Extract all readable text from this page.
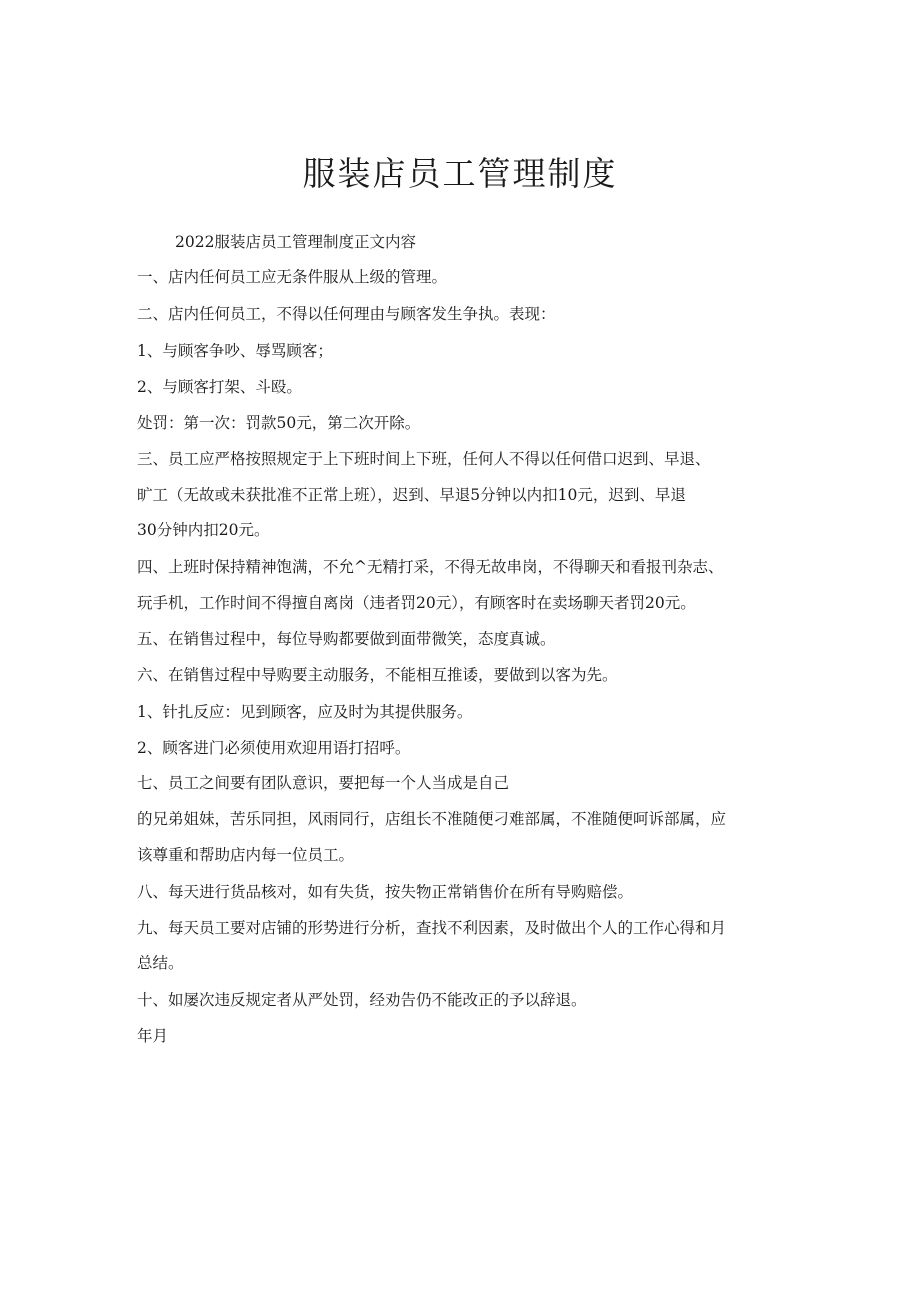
服装店员工管理制度

2022服装店员工管理制度正文内容

一、店内任何员工应无条件服从上级的管理。

二、店内任何员工，不得以任何理由与顾客发生争执。表现：

1、与顾客争吵、辱骂顾客；

2、与顾客打架、斗殴。

处罚：第一次：罚款50元，第二次开除。

三、员工应严格按照规定于上下班时间上下班，任何人不得以任何借口迟到、早退、

旷工（无故或未获批准不正常上班），迟到、早退5分钟以内扣10元，迟到、早退

30分钟内扣20元。

四、上班时保持精神饱满，不允^无精打采，不得无故串岗，不得聊天和看报刊杂志、

玩手机，工作时间不得擅自离岗（违者罚20元），有顾客时在卖场聊天者罚20元。

五、在销售过程中，每位导购都要做到面带微笑，态度真诚。

六、在销售过程中导购要主动服务，不能相互推诿，要做到以客为先。

1、针扎反应：见到顾客，应及时为其提供服务。

2、顾客进门必须使用欢迎用语打招呼。

七、员工之间要有团队意识，要把每一个人当成是自己

的兄弟姐妹，苦乐同担，风雨同行，店组长不准随便刁难部属，不准随便呵诉部属，应

该尊重和帮助店内每一位员工。

八、每天进行货品核对，如有失货，按失物正常销售价在所有导购赔偿。

九、每天员工要对店铺的形势进行分析，查找不利因素，及时做出个人的工作心得和月

总结。

十、如屡次违反规定者从严处罚，经劝告仍不能改正的予以辞退。

年月
